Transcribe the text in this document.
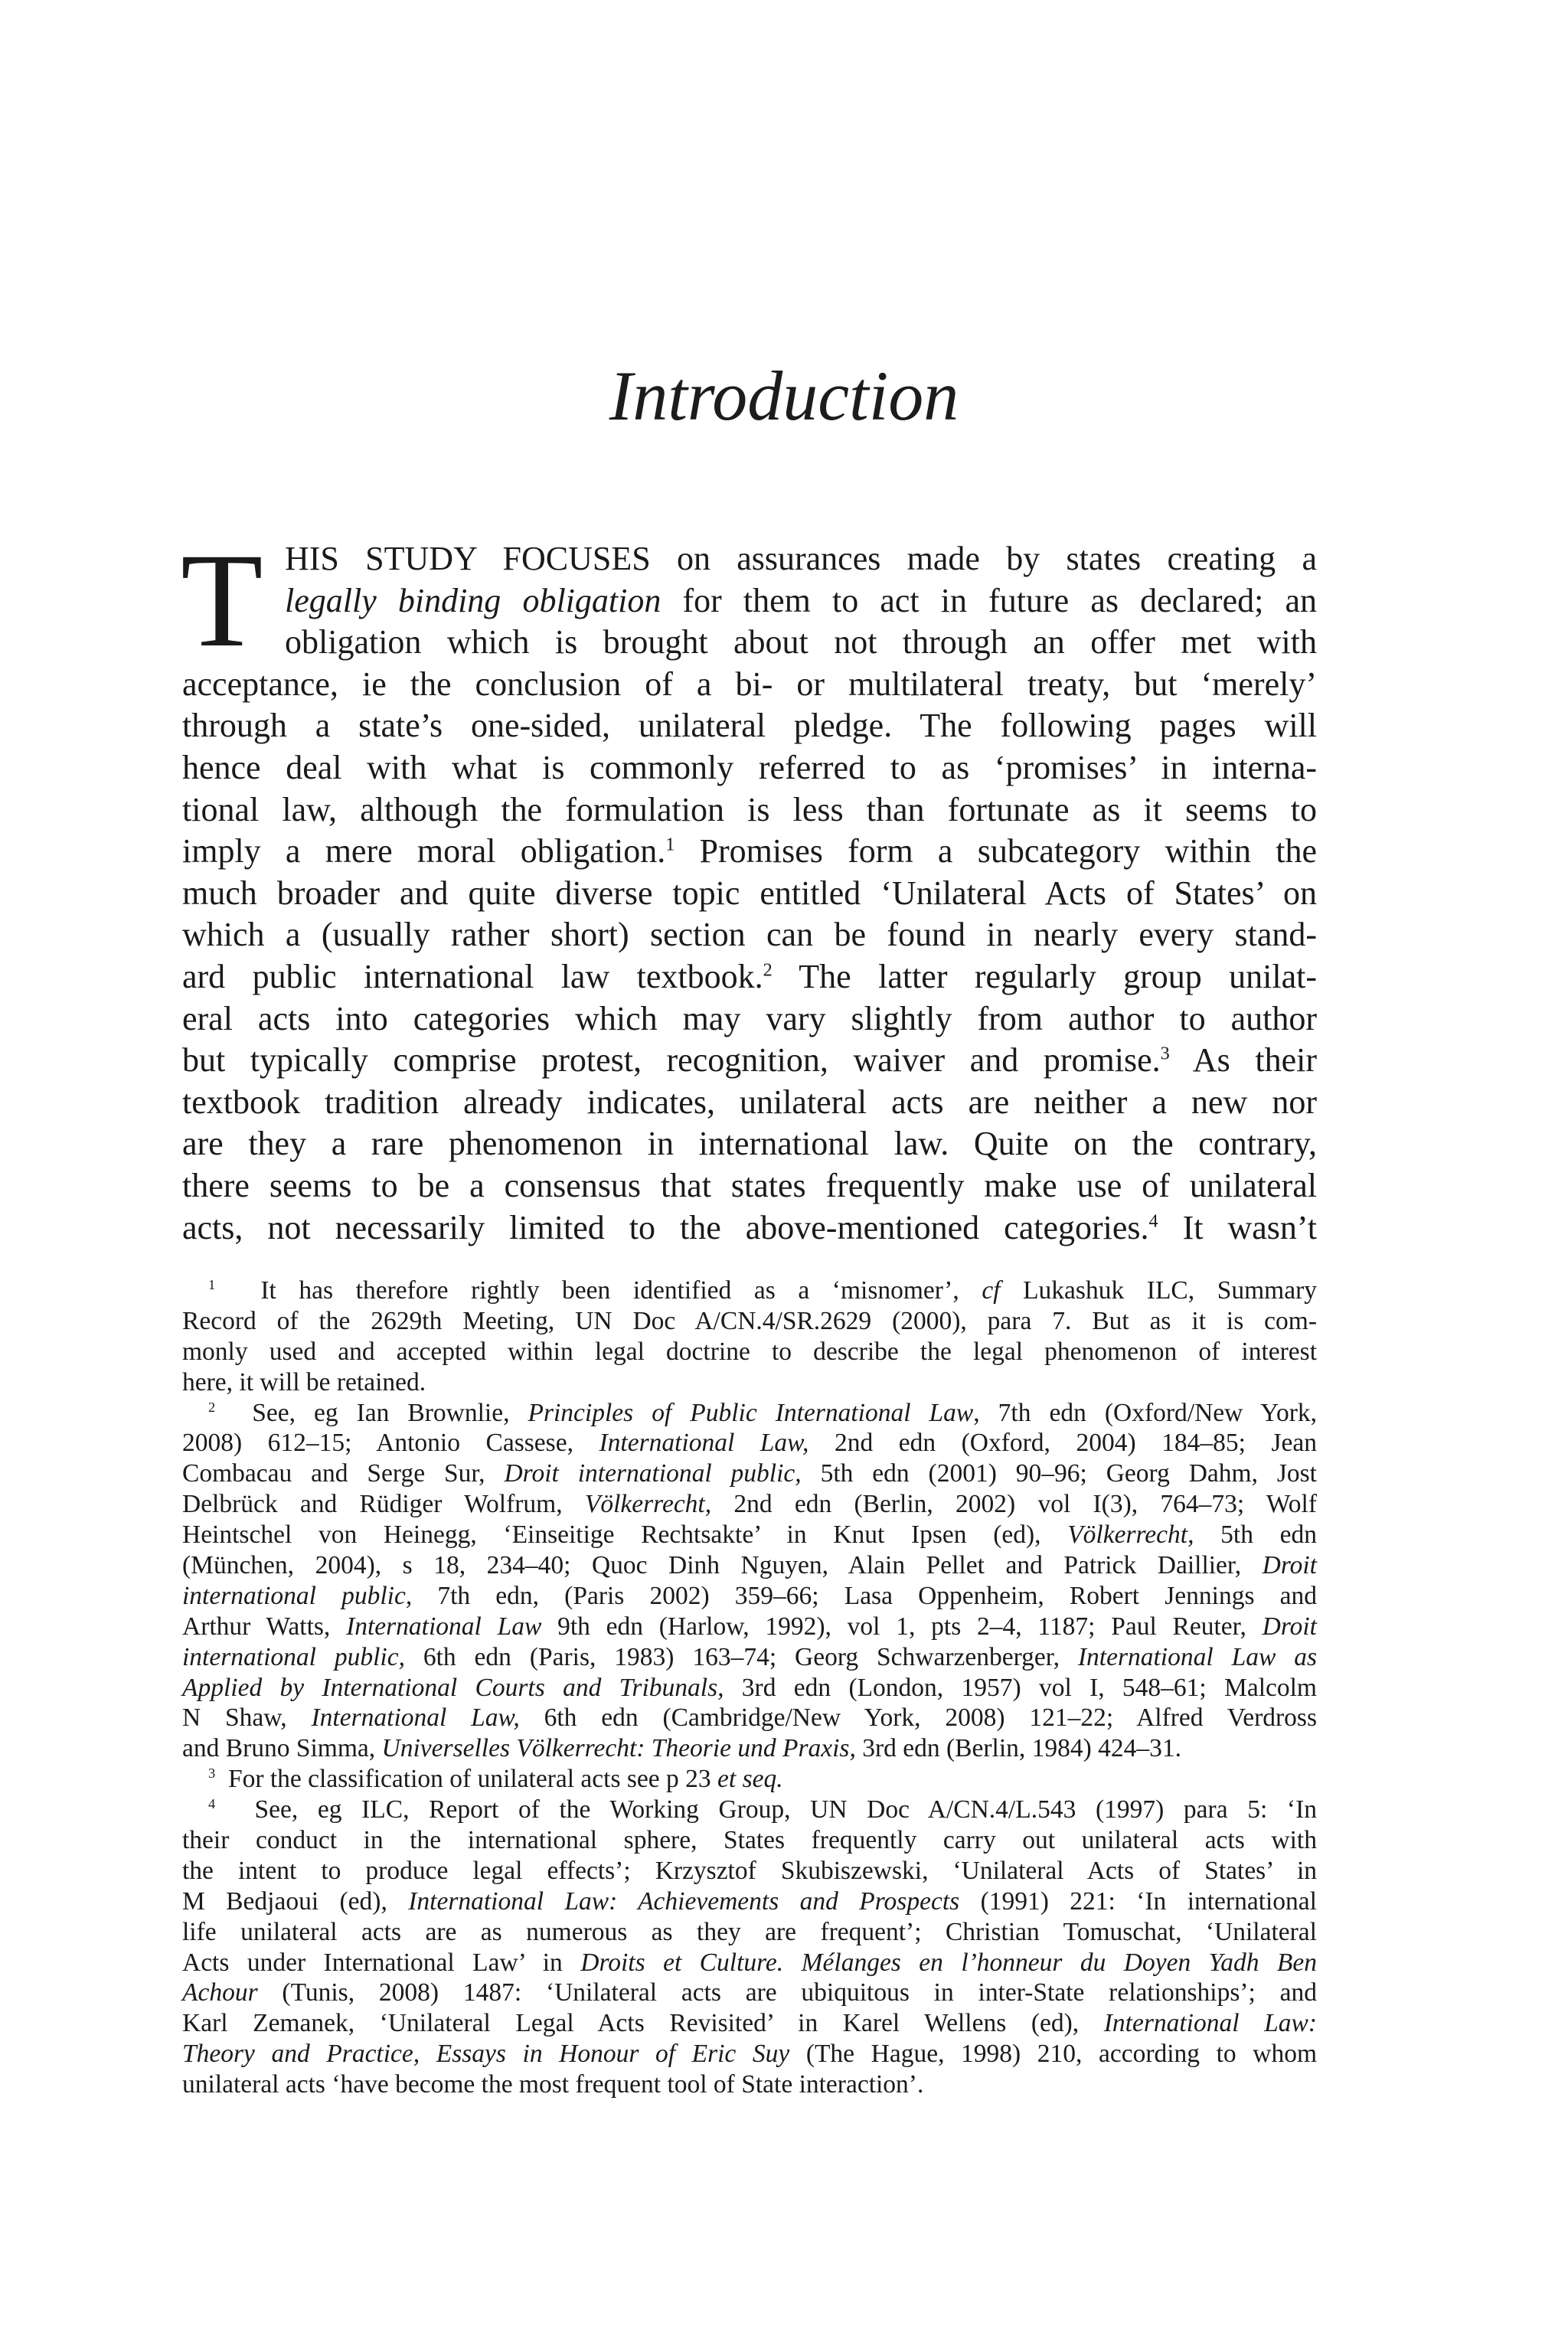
Introduction
T HIS STUDY FOCUSES on assurances made by states creating a
legally binding obligation for them to act in future as declared; an
obligation which is brought about not through an offer met with
acceptance, ie the conclusion of a bi- or multilateral treaty, but ‘merely’
through a state’s one-sided, unilateral pledge. The following pages will
hence deal with what is commonly referred to as ‘promises’ in interna-
tional law, although the formulation is less than fortunate as it seems to
imply a mere moral obligation.$^1$ Promises form a subcategory within the
much broader and quite diverse topic entitled ‘Unilateral Acts of States’ on
which a (usually rather short) section can be found in nearly every stand-
ard public international law textbook.$^2$ The latter regularly group unilat-
eral acts into categories which may vary slightly from author to author
but typically comprise protest, recognition, waiver and promise.$^3$ As their
textbook tradition already indicates, unilateral acts are neither a new nor
are they a rare phenomenon in international law. Quite on the contrary,
there seems to be a consensus that states frequently make use of unilateral
acts, not necessarily limited to the above-mentioned categories.$^4$ It wasn’t
$^1$  It has therefore rightly been identified as a ‘misnomer’, cf Lukashuk ILC, Summary
Record of the 2629th Meeting, UN Doc A/CN.4/SR.2629 (2000), para 7. But as it is com-
monly used and accepted within legal doctrine to describe the legal phenomenon of interest
here, it will be retained.
$^2$  See, eg Ian Brownlie, Principles of Public International Law, 7th edn (Oxford/New York,
2008) 612–15; Antonio Cassese, International Law, 2nd edn (Oxford, 2004) 184–85; Jean
Combacau and Serge Sur, Droit international public, 5th edn (2001) 90–96; Georg Dahm, Jost
Delbrück and Rüdiger Wolfrum, Völkerrecht, 2nd edn (Berlin, 2002) vol I(3), 764–73; Wolf
Heintschel von Heinegg, ‘Einseitige Rechtsakte’ in Knut Ipsen (ed), Völkerrecht, 5th edn
(München, 2004), s 18, 234–40; Quoc Dinh Nguyen, Alain Pellet and Patrick Daillier, Droit
international public, 7th edn, (Paris 2002) 359–66; Lasa Oppenheim, Robert Jennings and
Arthur Watts, International Law 9th edn (Harlow, 1992), vol 1, pts 2–4, 1187; Paul Reuter, Droit
international public, 6th edn (Paris, 1983) 163–74; Georg Schwarzenberger, International Law as
Applied by International Courts and Tribunals, 3rd edn (London, 1957) vol I, 548–61; Malcolm
N Shaw, International Law, 6th edn (Cambridge/New York, 2008) 121–22; Alfred Verdross
and Bruno Simma, Universelles Völkerrecht: Theorie und Praxis, 3rd edn (Berlin, 1984) 424–31.
$^3$  For the classification of unilateral acts see p 23 et seq.
$^4$  See, eg ILC, Report of the Working Group, UN Doc A/CN.4/L.543 (1997) para 5: ‘In
their conduct in the international sphere, States frequently carry out unilateral acts with
the intent to produce legal effects’; Krzysztof Skubiszewski, ‘Unilateral Acts of States’ in
M Bedjaoui (ed), International Law: Achievements and Prospects (1991) 221: ‘In international
life unilateral acts are as numerous as they are frequent’; Christian Tomuschat, ‘Unilateral
Acts under International Law’ in Droits et Culture. Mélanges en l’honneur du Doyen Yadh Ben
Achour (Tunis, 2008) 1487: ‘Unilateral acts are ubiquitous in inter-State relationships’; and
Karl Zemanek, ‘Unilateral Legal Acts Revisited’ in Karel Wellens (ed), International Law:
Theory and Practice, Essays in Honour of Eric Suy (The Hague, 1998) 210, according to whom
unilateral acts ‘have become the most frequent tool of State interaction’.
